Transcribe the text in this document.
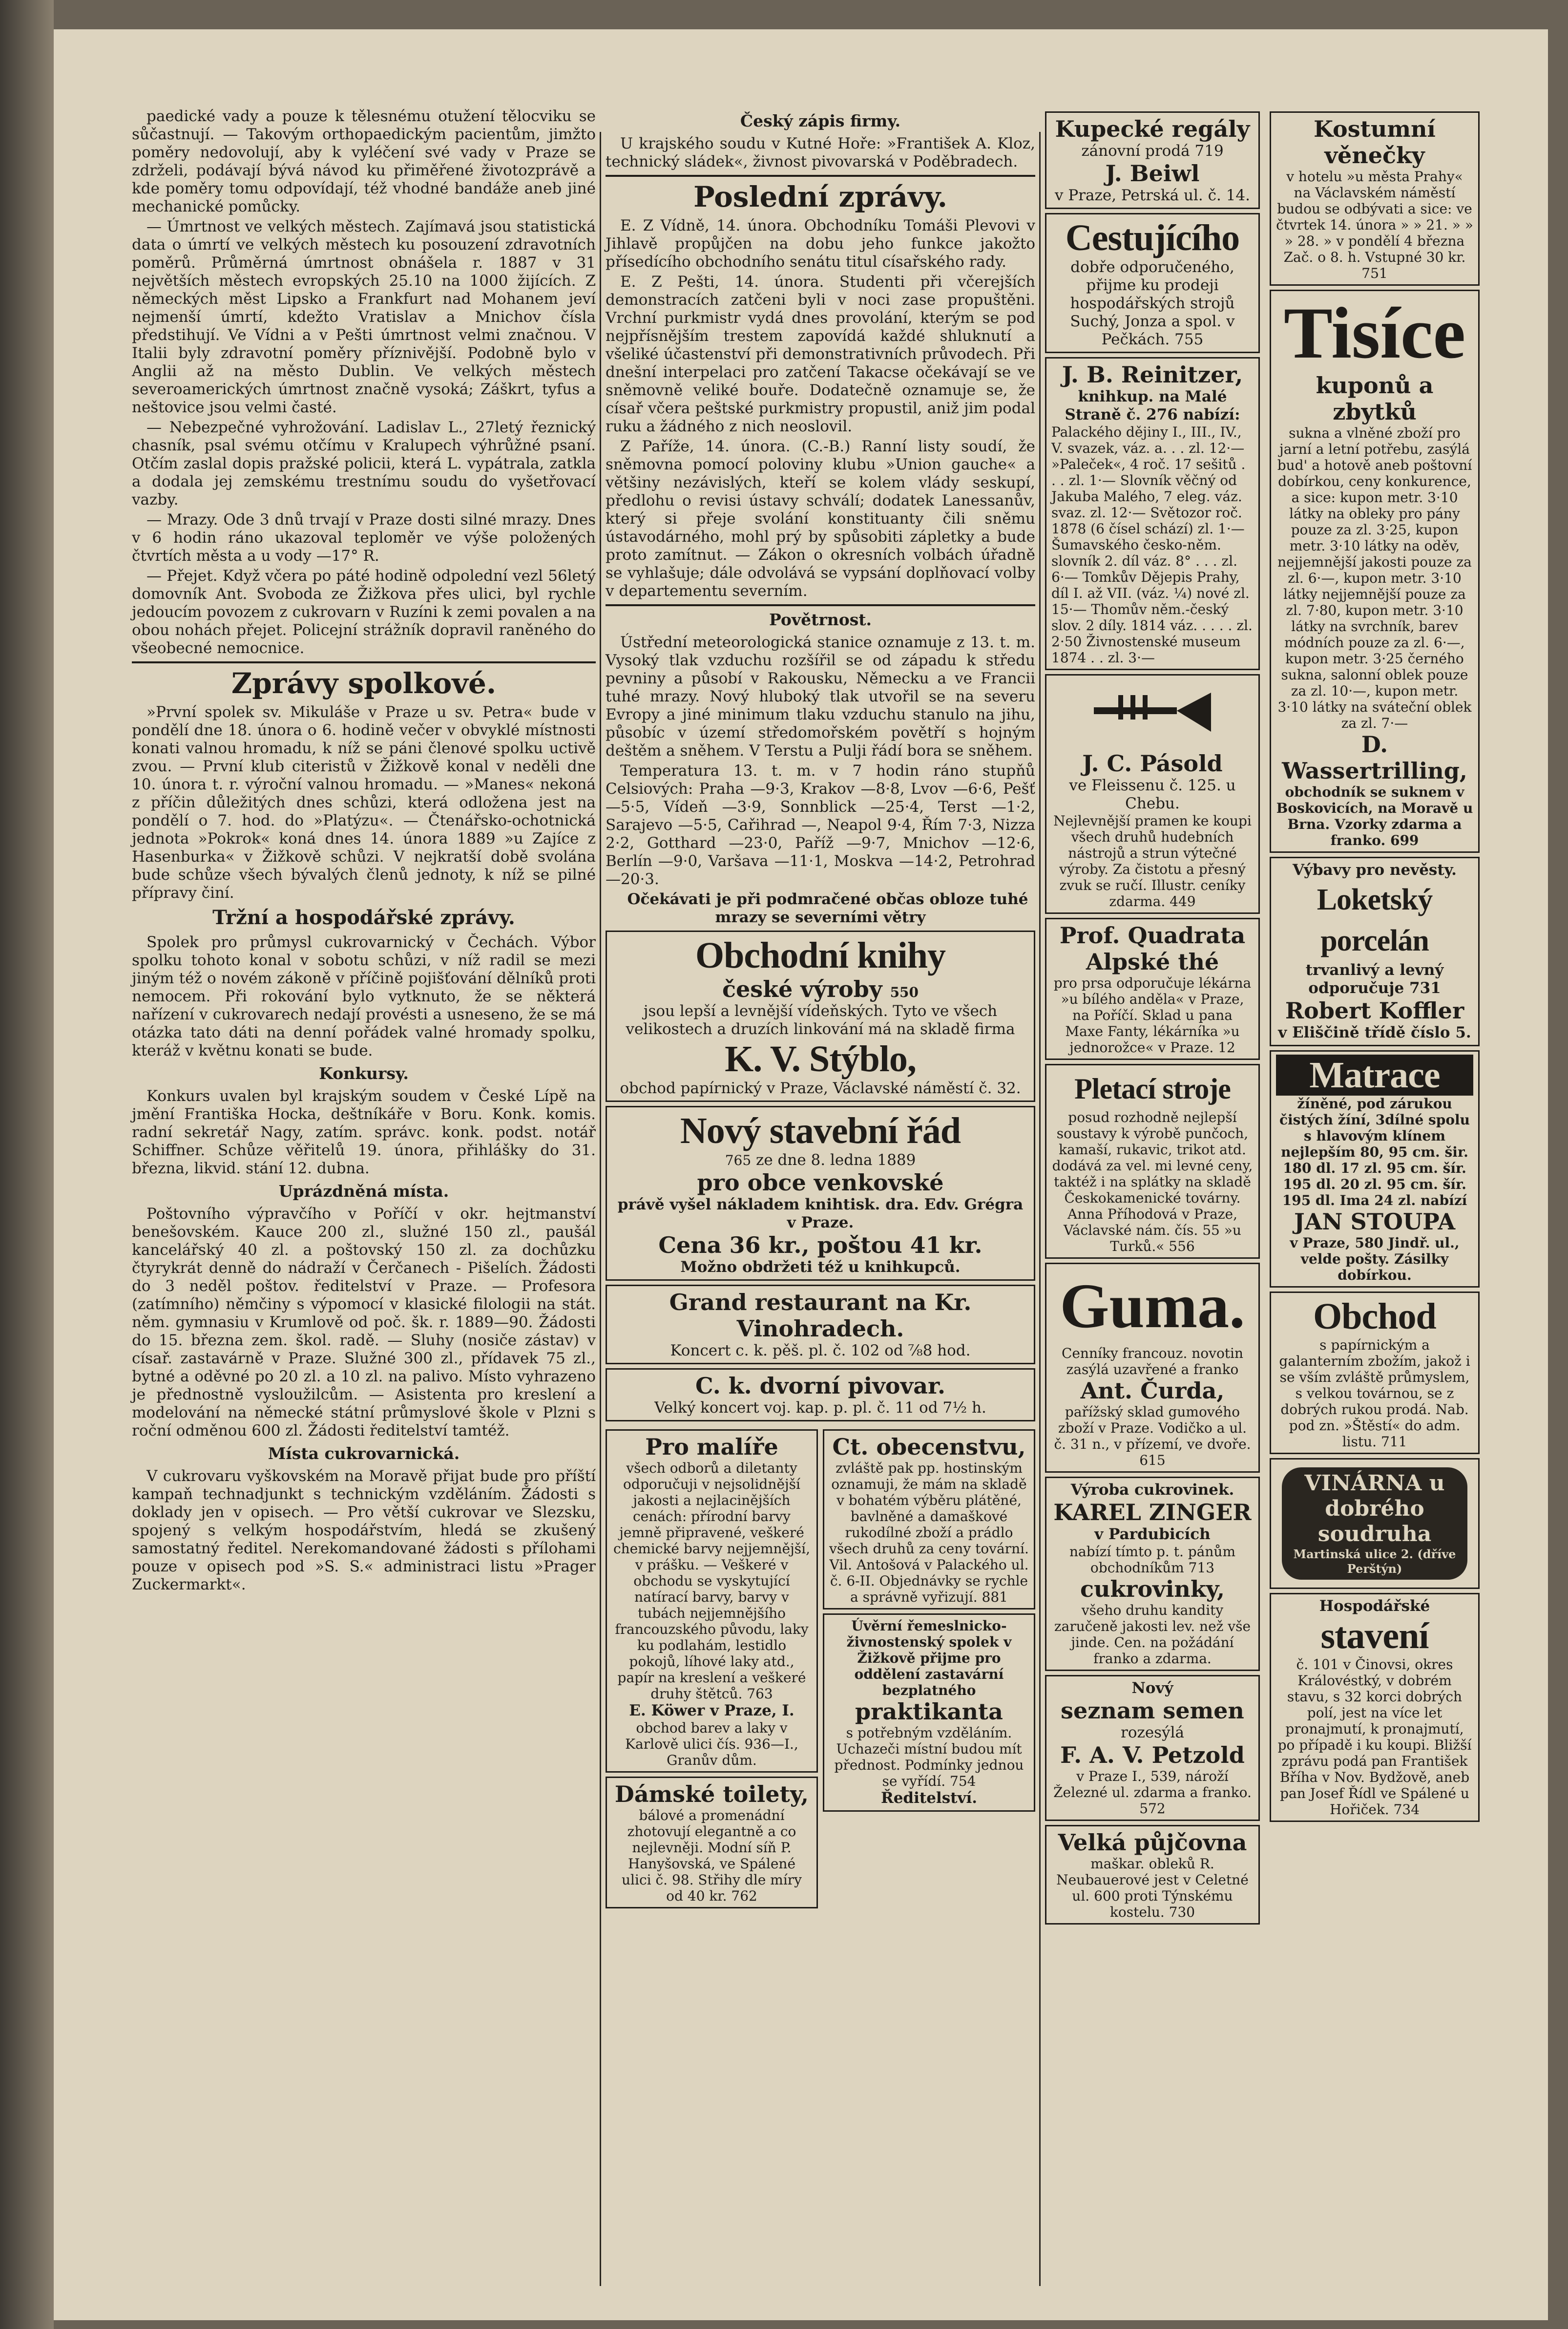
paedické vady a pouze k tělesnému otužení tělocviku se sůčastnují. — Takovým orthopaedickým pacientům, jimžto poměry nedovolují, aby k vyléčení své vady v Praze se zdrželi, podávají bývá návod ku přiměřené životozprávě a kde poměry tomu odpovídají, též vhodné bandáže aneb jiné mechanické pomůcky.

— Úmrtnost ve velkých městech. Zajímavá jsou statistická data o úmrtí ve velkých městech ku posouzení zdravotních poměrů. Průměrná úmrtnost obnášela r. 1887 v 31 největších městech evropských 25.10 na 1000 žijících. Z německých měst Lipsko a Frankfurt nad Mohanem jeví nejmenší úmrtí, kdežto Vratislav a Mnichov čísla předstihují. Ve Vídni a v Pešti úmrtnost velmi značnou. V Italii byly zdravotní poměry příznivější. Podobně bylo v Anglii až na město Dublin. Ve velkých městech severoamerických úmrtnost značně vysoká; Záškrt, tyfus a neštovice jsou velmi časté.

— Nebezpečné vyhrožování. Ladislav L., 27letý řeznický chasník, psal svému otčímu v Kralupech výhrůžné psaní. Otčím zaslal dopis pražské policii, která L. vypátrala, zatkla a dodala jej zemskému trestnímu soudu do vyšetřovací vazby.

— Mrazy. Ode 3 dnů trvají v Praze dosti silné mrazy. Dnes v 6 hodin ráno ukazoval teploměr ve výše položených čtvrtích města a u vody —17° R.

— Přejet. Když včera po páté hodině odpolední vezl 56letý domovník Ant. Svoboda ze Žižkova přes ulici, byl rychle jedoucím povozem z cukrovarn v Ruzíni k zemi povalen a na obou nohách přejet. Policejní strážník dopravil raněného do všeobecné nemocnice.

Zprávy spolkové.

»První spolek sv. Mikuláše v Praze u sv. Petra« bude v pondělí dne 18. února o 6. hodině večer v obvyklé místnosti konati valnou hromadu, k níž se páni členové spolku uctivě zvou. — První klub citeristů v Žižkově konal v neděli dne 10. února t. r. výroční valnou hromadu. — »Manes« nekoná z příčin důležitých dnes schůzi, která odložena jest na pondělí o 7. hod. do »Platýzu«. — Čtenářsko-ochotnická jednota »Pokrok« koná dnes 14. února 1889 »u Zajíce z Hasenburka« v Žižkově schůzi. V nejkratší době svolána bude schůze všech bývalých členů jednoty, k níž se pilné přípravy činí.

Tržní a hospodářské zprávy.

Spolek pro průmysl cukrovarnický v Čechách. Výbor spolku tohoto konal v sobotu schůzi, v níž radil se mezi jiným též o novém zákoně v příčině pojišťování dělníků proti nemocem. Při rokování bylo vytknuto, že se některá nařízení v cukrovarech nedají provésti a usneseno, že se má otázka tato dáti na denní pořádek valné hromady spolku, kteráž v květnu konati se bude.

Konkursy.

Konkurs uvalen byl krajským soudem v České Lípě na jmění Františka Hocka, deštníkáře v Boru. Konk. komis. radní sekretář Nagy, zatím. správc. konk. podst. notář Schiffner. Schůze věřitelů 19. února, přihlášky do 31. března, likvid. stání 12. dubna.

Uprázdněná místa.

Poštovního výpravčího v Poříčí v okr. hejtmanství benešovském. Kauce 200 zl., služné 150 zl., paušál kancelářský 40 zl. a poštovský 150 zl. za dochůzku čtyrykrát denně do nádraží v Čerčanech - Pišelích. Žádosti do 3 neděl poštov. ředitelství v Praze. — Profesora (zatímního) němčiny s výpomocí v klasické filologii na stát. něm. gymnasiu v Krumlově od poč. šk. r. 1889—90. Žádosti do 15. března zem. škol. radě. — Sluhy (nosiče zástav) v císař. zastavárně v Praze. Služné 300 zl., přídavek 75 zl., bytné a oděvné po 20 zl. a 10 zl. na palivo. Místo vyhrazeno je přednostně vysloužilcům. — Asistenta pro kreslení a modelování na německé státní průmyslové škole v Plzni s roční odměnou 600 zl. Žádosti ředitelství tamtéž.

Místa cukrovarnická.

V cukrovaru vyškovském na Moravě přijat bude pro příští kampaň technadjunkt s technickým vzděláním. Žádosti s doklady jen v opisech. — Pro větší cukrovar ve Slezsku, spojený s velkým hospodářstvím, hledá se zkušený samostatný ředitel. Nerekomandované žádosti s přílohami pouze v opisech pod »S. S.« administraci listu »Prager Zuckermarkt«.

Český zápis firmy.

U krajského soudu v Kutné Hoře: »František A. Kloz, technický sládek«, živnost pivovarská v Poděbradech.

Poslední zprávy.

E. Z Vídně, 14. února. Obchodníku Tomáši Plevovi v Jihlavě propůjčen na dobu jeho funkce jakožto přísedícího obchodního senátu titul císařského rady.

E. Z Pešti, 14. února. Studenti při včerejších demonstracích zatčeni byli v noci zase propuštěni. Vrchní purkmistr vydá dnes provolání, kterým se pod nejpřísnějším trestem zapovídá každé shluknutí a všeliké účastenství při demonstrativních průvodech. Při dnešní interpelaci pro zatčení Takacse očekávají se ve sněmovně veliké bouře. Dodatečně oznamuje se, že císař včera peštské purkmistry propustil, aniž jim podal ruku a žádného z nich neoslovil.

Z Paříže, 14. února. (C.-B.) Ranní listy soudí, že sněmovna pomocí poloviny klubu »Union gauche« a většiny nezávislých, kteří se kolem vlády seskupí, předlohu o revisi ústavy schválí; dodatek Lanessanův, který si přeje svolání konstituanty čili sněmu ústavodárného, mohl prý by spůsobiti zápletky a bude proto zamítnut. — Zákon o okresních volbách úřadně se vyhlašuje; dále odvolává se vypsání doplňovací volby v departementu severním.

Povětrnost.

Ústřední meteorologická stanice oznamuje z 13. t. m. Vysoký tlak vzduchu rozšířil se od západu k středu pevniny a působí v Rakousku, Německu a ve Francii tuhé mrazy. Nový hluboký tlak utvořil se na severu Evropy a jiné minimum tlaku vzduchu stanulo na jihu, působíc v území středomořském povětří s hojným deštěm a sněhem. V Terstu a Pulji řádí bora se sněhem.

Temperatura 13. t. m. v 7 hodin ráno stupňů Celsiových: Praha —9·3, Krakov —8·8, Lvov —6·6, Pešť —5·5, Vídeň —3·9, Sonnblick —25·4, Terst —1·2, Sarajevo —5·5, Cařihrad —, Neapol 9·4, Řím 7·3, Nizza 2·2, Gotthard —23·0, Paříž —9·7, Mnichov —12·6, Berlín —9·0, Varšava —11·1, Moskva —14·2, Petrohrad —20·3.

Očekávati je při podmračené občas obloze tuhé mrazy se severními větry

Obchodní knihy
české výroby 550
jsou lepší a levnější vídeňských. Tyto ve všech velikostech a druzích linkování má na skladě firma
K. V. Stýblo,
obchod papírnický v Praze, Václavské náměstí č. 32.
Nový stavební řád
765 ze dne 8. ledna 1889
pro obce venkovské
právě vyšel nákladem knihtisk. dra. Edv. Grégra v Praze.
Cena 36 kr., poštou 41 kr.
Možno obdržeti též u knihkupců.
Grand restaurant na Kr. Vinohradech.
Koncert c. k. pěš. pl. č. 102 od ⅞8 hod.
C. k. dvorní pivovar.
Velký koncert voj. kap. p. pl. č. 11 od 7½ h.
Pro malíře
všech odborů a diletanty odporučuji v nejsolidnější jakosti a nejlacinějších cenách: přírodní barvy jemně připravené, veškeré chemické barvy nejjemnější, v prášku. — Veškeré v obchodu se vyskytující natírací barvy, barvy v tubách nejjemnějšího francouzského původu, laky ku podlahám, lestidlo pokojů, líhové laky atd., papír na kreslení a veškeré druhy štětců. 763
E. Köwer v Praze, I.
obchod barev a laky v Karlově ulici čís. 936—I., Granův dům.
Dámské toilety,
bálové a promenádní zhotovují elegantně a co nejlevněji. Modní síň P. Hanyšovská, ve Spálené ulici č. 98. Střihy dle míry od 40 kr. 762
Ct. obecenstvu,
zvláště pak pp. hostinským oznamuji, že mám na skladě v bohatém výběru plátěné, bavlněné a damaškové rukodílné zboží a prádlo všech druhů za ceny tovární. Vil. Antošová v Palackého ul. č. 6-II. Objednávky se rychle a správně vyřizují. 881
Úvěrní řemeslnicko-živnostenský spolek v Žižkově přijme pro oddělení zastavární bezplatného
praktikanta
s potřebným vzděláním. Uchazeči místní budou mít přednost. Podmínky jednou se vyřídí. 754
Ředitelství.
Kupecké regály
zánovní prodá 719
J. Beiwl
v Praze, Petrská ul. č. 14.
Cestujícího
dobře odporučeného, přijme ku prodeji hospodářských strojů Suchý, Jonza a spol. v Pečkách. 755
J. B. Reinitzer,
knihkup. na Malé Straně č. 276 nabízí:
Palackého dějiny I., III., IV., V. svazek, váz. a. . . zl. 12·— »Paleček«, 4 roč. 17 sešitů . . . zl. 1·— Slovník věčný od Jakuba Malého, 7 eleg. váz. svaz. zl. 12·— Světozor roč. 1878 (6 čísel schází) zl. 1·— Šumavského česko-něm. slovník 2. díl váz. 8° . . . zl. 6·— Tomkův Dějepis Prahy, díl I. až VII. (váz. ¼) nové zl. 15·— Thomův něm.-český slov. 2 díly. 1814 váz. . . . . zl. 2·50 Živnostenské museum 1874 . . zl. 3·—
J. C. Pásold
ve Fleissenu č. 125. u Chebu.
Nejlevnější pramen ke koupi všech druhů hudebních nástrojů a strun výtečné výroby. Za čistotu a přesný zvuk se ručí. Illustr. ceníky zdarma. 449
Prof. Quadrata
Alpské thé
pro prsa odporučuje lékárna »u bílého anděla« v Praze, na Poříčí. Sklad u pana Maxe Fanty, lékárníka »u jednorožce« v Praze. 12
Pletací stroje
posud rozhodně nejlepší soustavy k výrobě punčoch, kamaší, rukavic, trikot atd. dodává za vel. mi levné ceny, taktéž i na splátky na skladě Českokamenické továrny. Anna Příhodová v Praze, Václavské nám. čís. 55 »u Turků.« 556
Guma.
Cenníky francouz. novotin zasýlá uzavřené a franko
Ant. Čurda,
pařížský sklad gumového zboží v Praze. Vodičko a ul. č. 31 n., v přízemí, ve dvoře. 615
Výroba cukrovinek.
KAREL ZINGER
v Pardubicích
nabízí tímto p. t. pánům obchodníkům 713
cukrovinky,
všeho druhu kandity zaručeně jakosti lev. než vše jinde. Cen. na požádání franko a zdarma.
Nový
seznam semen
rozesýlá
F. A. V. Petzold
v Praze I., 539, nároží Železné ul. zdarma a franko. 572
Velká půjčovna
maškar. obleků R. Neubauerové jest v Celetné ul. 600 proti Týnskému kostelu. 730
Kostumní věnečky
v hotelu »u města Prahy« na Václavském náměstí budou se odbývati a sice: ve čtvrtek 14. února » » 21. » » » 28. » v pondělí 4 března Zač. o 8. h. Vstupné 30 kr. 751
Tisíce
kuponů a zbytků
sukna a vlněné zboží pro jarní a letní potřebu, zasýlá bud' a hotově aneb poštovní dobírkou, ceny konkurence, a sice: kupon metr. 3·10 látky na obleky pro pány pouze za zl. 3·25, kupon metr. 3·10 látky na oděv, nejjemnější jakosti pouze za zl. 6·—, kupon metr. 3·10 látky nejjemnější pouze za zl. 7·80, kupon metr. 3·10 látky na svrchník, barev módních pouze za zl. 6·—, kupon metr. 3·25 černého sukna, salonní oblek pouze za zl. 10·—, kupon metr. 3·10 látky na sváteční oblek za zl. 7·—
D. Wassertrilling,
obchodník se suknem v Boskovicích, na Moravě u Brna. Vzorky zdarma a franko. 699
Výbavy pro nevěsty.
Loketský porcelán
trvanlivý a levný odporučuje 731
Robert Koffler
v Eliščině třídě číslo 5.
Matrace
žíněné, pod zárukou čistých žíní, 3dílné spolu s hlavovým klínem nejlepším 80, 95 cm. šir. 180 dl. 17 zl. 95 cm. šír. 195 dl. 20 zl. 95 cm. šír. 195 dl. Ima 24 zl. nabízí
JAN STOUPA
v Praze, 580 Jindř. ul., velde pošty. Zásilky dobírkou.
Obchod
s papírnickým a galanterním zbožím, jakož i se vším zvláště průmyslem, s velkou továrnou, se z dobrých rukou prodá. Nab. pod zn. »Štěstí« do adm. listu. 711
VINÁRNA u dobrého soudruha
Martinská ulice 2. (dříve Perštýn)
Hospodářské
stavení
č. 101 v Činovsi, okres Královéstký, v dobrém stavu, s 32 korci dobrých polí, jest na více let pronajmutí, k pronajmutí, po případě i ku koupi. Bližší zprávu podá pan František Bříha v Nov. Bydžově, aneb pan Josef Řídl ve Spálené u Hořiček. 734
